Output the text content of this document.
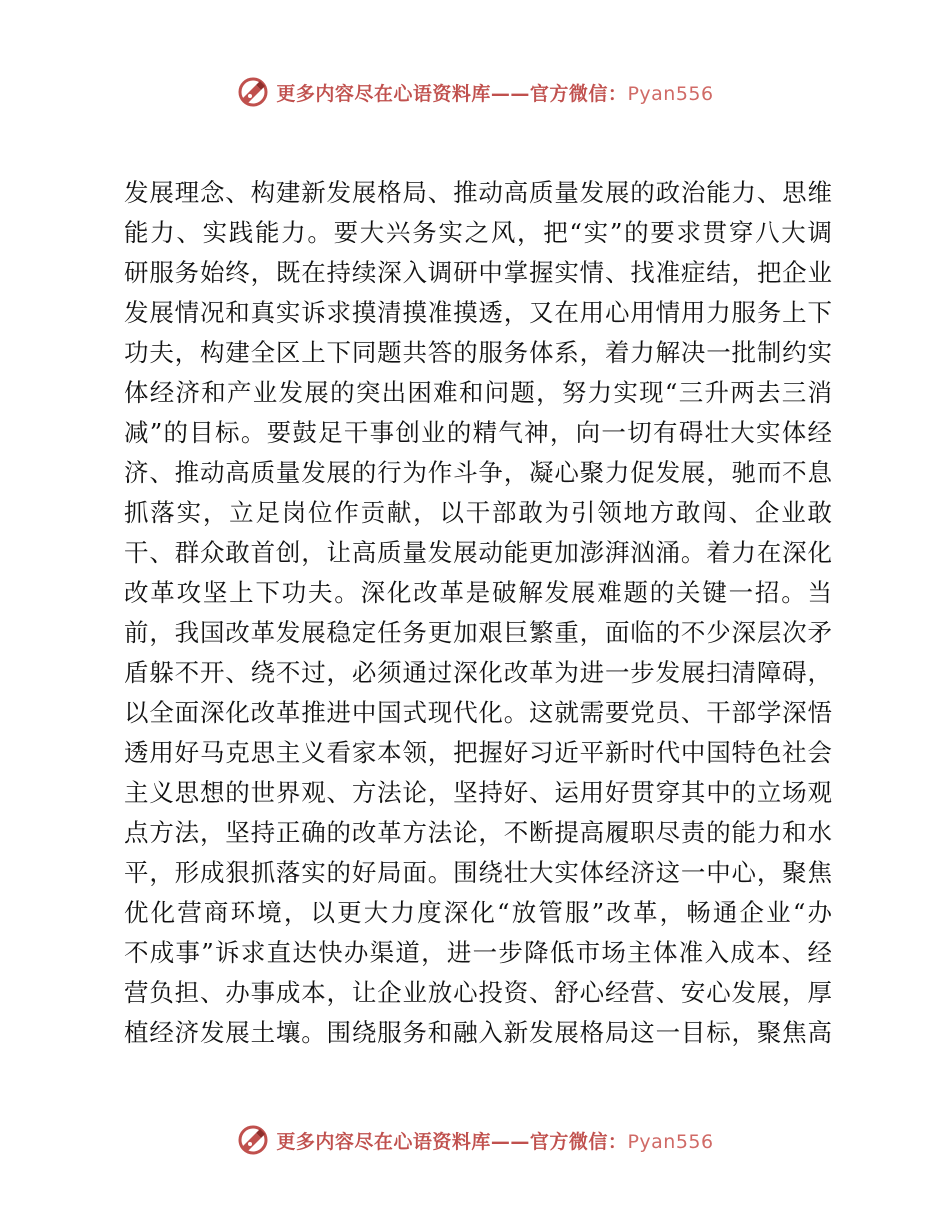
更多内容尽在心语资料库——官方微信：Pyan556
发展理念、构建新发展格局、推动高质量发展的政治能力、思维
能力、实践能力。要大兴务实之风，把“实”的要求贯穿八大调
研服务始终，既在持续深入调研中掌握实情、找准症结，把企业
发展情况和真实诉求摸清摸准摸透，又在用心用情用力服务上下
功夫，构建全区上下同题共答的服务体系，着力解决一批制约实
体经济和产业发展的突出困难和问题，努力实现“三升两去三消
减”的目标。要鼓足干事创业的精气神，向一切有碍壮大实体经
济、推动高质量发展的行为作斗争，凝心聚力促发展，驰而不息
抓落实，立足岗位作贡献，以干部敢为引领地方敢闯、企业敢
干、群众敢首创，让高质量发展动能更加澎湃汹涌。着力在深化
改革攻坚上下功夫。深化改革是破解发展难题的关键一招。当
前，我国改革发展稳定任务更加艰巨繁重，面临的不少深层次矛
盾躲不开、绕不过，必须通过深化改革为进一步发展扫清障碍，
以全面深化改革推进中国式现代化。这就需要党员、干部学深悟
透用好马克思主义看家本领，把握好习近平新时代中国特色社会
主义思想的世界观、方法论，坚持好、运用好贯穿其中的立场观
点方法，坚持正确的改革方法论，不断提高履职尽责的能力和水
平，形成狠抓落实的好局面。围绕壮大实体经济这一中心，聚焦
优化营商环境，以更大力度深化“放管服”改革，畅通企业“办
不成事”诉求直达快办渠道，进一步降低市场主体准入成本、经
营负担、办事成本，让企业放心投资、舒心经营、安心发展，厚
植经济发展土壤。围绕服务和融入新发展格局这一目标，聚焦高
更多内容尽在心语资料库——官方微信：Pyan556
